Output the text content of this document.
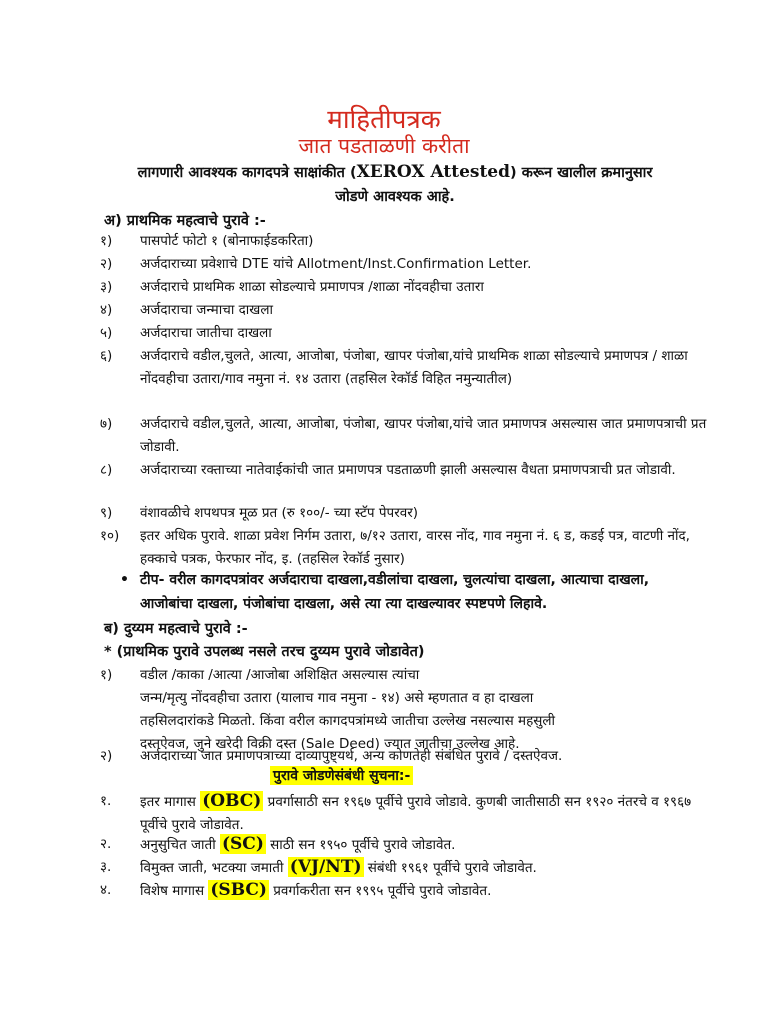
माहितीपत्रक
जात पडताळणी करीता
लागणारी आवश्यक कागदपत्रे साक्षांकीत (XEROX Attested) करून खालील क्रमानुसार
जोडणे आवश्यक आहे.
अ) प्राथमिक महत्वाचे पुरावे :-
१) पासपोर्ट फोटो १ (बोनाफाईडकरिता)
२) अर्जदाराच्या प्रवेशाचे DTE यांचे Allotment/Inst.Confirmation Letter.
३) अर्जदाराचे प्राथमिक शाळा सोडल्याचे प्रमाणपत्र /शाळा नोंदवहीचा उतारा
४) अर्जदाराचा जन्माचा दाखला
५) अर्जदाराचा जातीचा दाखला
६) अर्जदाराचे वडील,चुलते, आत्या, आजोबा, पंजोबा, खापर पंजोबा,यांचे प्राथमिक शाळा सोडल्याचे प्रमाणपत्र / शाळा नोंदवहीचा उतारा/गाव नमुना नं. १४ उतारा (तहसिल रेकॉर्ड विहित नमुन्यातील)
७) अर्जदाराचे वडील,चुलते, आत्या, आजोबा, पंजोबा, खापर पंजोबा,यांचे जात प्रमाणपत्र असल्यास जात प्रमाणपत्राची प्रत जोडावी.
८) अर्जदाराच्या रक्ताच्या नातेवाईकांची जात प्रमाणपत्र पडताळणी झाली असल्यास वैधता प्रमाणपत्राची प्रत जोडावी.
९) वंशावळीचे शपथपत्र मूळ प्रत (रु १००/- च्या स्टॅप पेपरवर)
१०) इतर अधिक पुरावे. शाळा प्रवेश निर्गम उतारा, ७/१२ उतारा, वारस नोंद, गाव नमुना नं. ६ ड, कडई पत्र, वाटणी नोंद, हक्काचे पत्रक, फेरफार नोंद, इ. (तहसिल रेकॉर्ड नुसार)
• टीप- वरील कागदपत्रांवर अर्जदाराचा दाखला,वडीलांचा दाखला, चुलत्यांचा दाखला, आत्याचा दाखला, आजोबांचा दाखला, पंजोबांचा दाखला, असे त्या त्या दाखल्यावर स्पष्टपणे लिहावे.
ब) दुय्यम महत्वाचे पुरावे :-
* (प्राथमिक पुरावे उपलब्ध नसले तरच दुय्यम पुरावे जोडावेत)
१) वडील /काका /आत्या /आजोबा अशिक्षित असल्यास त्यांचा
जन्म/मृत्यु नोंदवहीचा उतारा (यालाच गाव नमुना - १४) असे म्हणतात व हा दाखला
तहसिलदारांकडे मिळतो. किंवा वरील कागदपत्रांमध्ये जातीचा उल्लेख नसल्यास महसुली
दस्तऐवज, जुने खरेदी विक्री दस्त (Sale Deed) ज्यात जातीचा उल्लेख आहे.
२) अर्जदाराच्या जात प्रमाणपत्राच्या दाव्यापुष्ट्यर्थ, अन्य कोणतेही संबंधित पुरावे / दस्तऐवज.
पुरावे जोडणेसंबंधी सुचना:-
१. इतर मागास (OBC) प्रवर्गासाठी सन १९६७ पूर्वीचे पुरावे जोडावे. कुणबी जातीसाठी सन १९२० नंतरचे व १९६७ पूर्वीचे पुरावे जोडावेत.
२. अनुसुचित जाती (SC) साठी सन १९५० पूर्वीचे पुरावे जोडावेत.
३. विमुक्त जाती, भटक्या जमाती (VJ/NT) संबंधी १९६१ पूर्वीचे पुरावे जोडावेत.
४. विशेष मागास (SBC) प्रवर्गाकरीता सन १९९५ पूर्वीचे पुरावे जोडावेत.
